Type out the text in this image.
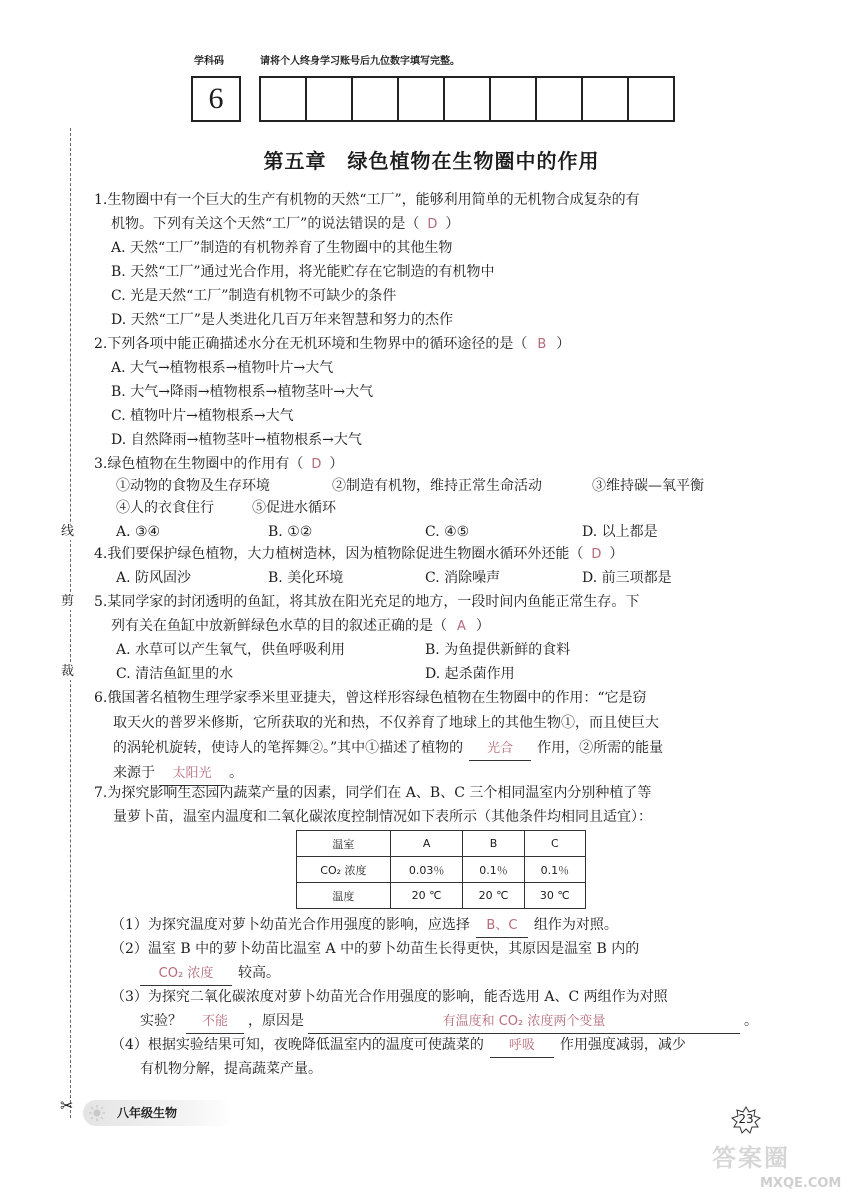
学科码	请将个人终身学习账号后九位数字填写完整。
6
线
剪
裁
✂
第五章　绿色植物在生物圈中的作用
1.生物圈中有一个巨大的生产有机物的天然“工厂”，能够利用简单的无机物合成复杂的有
机物。下列有关这个天然“工厂”的说法错误的是（ D ）
A. 天然“工厂”制造的有机物养育了生物圈中的其他生物
B. 天然“工厂”通过光合作用，将光能贮存在它制造的有机物中
C. 光是天然“工厂”制造有机物不可缺少的条件
D. 天然“工厂”是人类进化几百万年来智慧和努力的杰作
2.下列各项中能正确描述水分在无机环境和生物界中的循环途径的是（ B ）
A. 大气→植物根系→植物叶片→大气
B. 大气→降雨→植物根系→植物茎叶→大气
C. 植物叶片→植物根系→大气
D. 自然降雨→植物茎叶→植物根系→大气
3.绿色植物在生物圈中的作用有（ D ）
①动物的食物及生存环境	②制造有机物，维持正常生命活动	③维持碳—氧平衡
④人的衣食住行	⑤促进水循环
A. ③④	B. ①②	C. ④⑤	D. 以上都是
4.我们要保护绿色植物，大力植树造林，因为植物除促进生物圈水循环外还能（ D ）
A. 防风固沙	B. 美化环境	C. 消除噪声	D. 前三项都是
5.某同学家的封闭透明的鱼缸，将其放在阳光充足的地方，一段时间内鱼能正常生存。下
列有关在鱼缸中放新鲜绿色水草的目的叙述正确的是（ A ）
A. 水草可以产生氧气，供鱼呼吸利用	B. 为鱼提供新鲜的食料
C. 清洁鱼缸里的水	D. 起杀菌作用
6.俄国著名植物生理学家季米里亚捷夫，曾这样形容绿色植物在生物圈中的作用：“它是窃
取天火的普罗米修斯，它所获取的光和热，不仅养育了地球上的其他生物①，而且使巨大
的涡轮机旋转，使诗人的笔挥舞②。”其中①描述了植物的 光合 作用，②所需的能量
来源于 太阳光 。
7.为探究影响生态园内蔬菜产量的因素，同学们在 A、B、C 三个相同温室内分别种植了等
量萝卜苗，温室内温度和二氧化碳浓度控制情况如下表所示（其他条件均相同且适宜）：
温室	A	B	C
CO₂ 浓度	0.03％	0.1％	0.1％
温度	20 ℃	20 ℃	30 ℃
（1）为探究温度对萝卜幼苗光合作用强度的影响，应选择 B、C 组作为对照。
（2）温室 B 中的萝卜幼苗比温室 A 中的萝卜幼苗生长得更快，其原因是温室 B 内的
CO₂ 浓度 较高。
（3）为探究二氧化碳浓度对萝卜幼苗光合作用强度的影响，能否选用 A、C 两组作为对照
实验？ 不能 ，原因是	有温度和 CO₂ 浓度两个变量	。
（4）根据实验结果可知，夜晚降低温室内的温度可使蔬菜的 呼吸 作用强度减弱，减少
有机物分解，提高蔬菜产量。
八年级生物	23
答案圈
MXQE.COM
